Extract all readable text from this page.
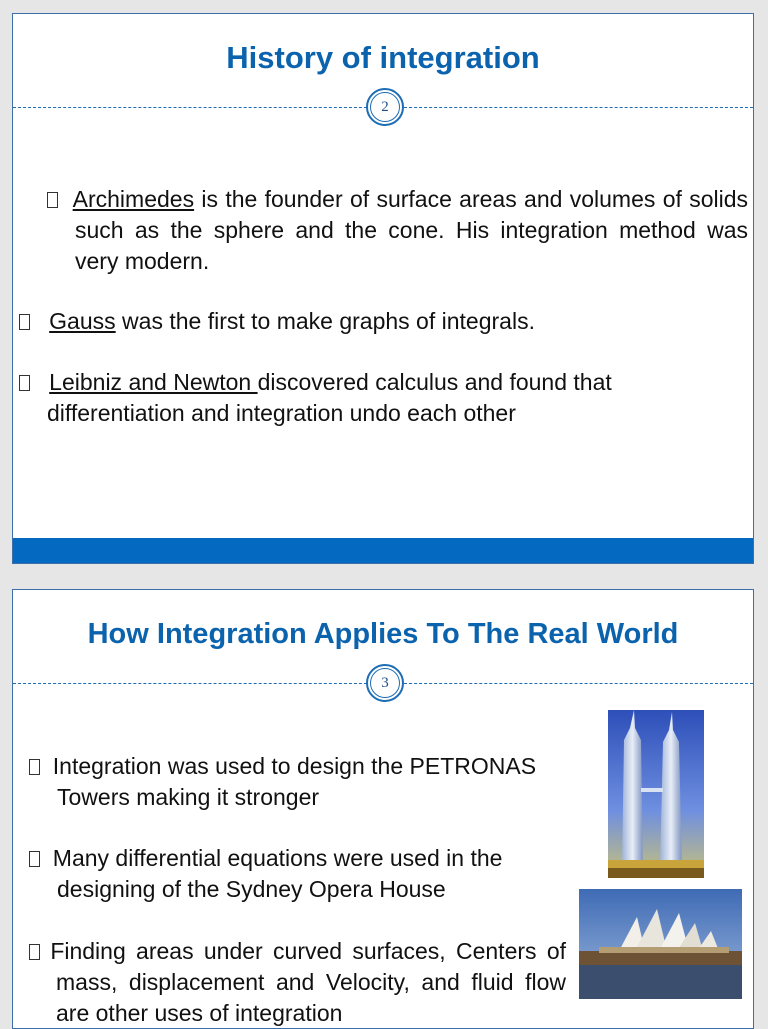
History of integration
2
Archimedes is the founder of surface areas and volumes of solids such as the sphere and the cone. His integration method was very modern.
Gauss was the first to make graphs of integrals.
Leibniz and Newton discovered calculus and found that differentiation and integration undo each other
How Integration Applies To The Real World
3
Integration was used to design the PETRONAS Towers making it stronger
Many differential equations were used in the designing of the Sydney Opera House
Finding areas under curved surfaces, Centers of mass, displacement and Velocity, and fluid flow are other uses of integration
